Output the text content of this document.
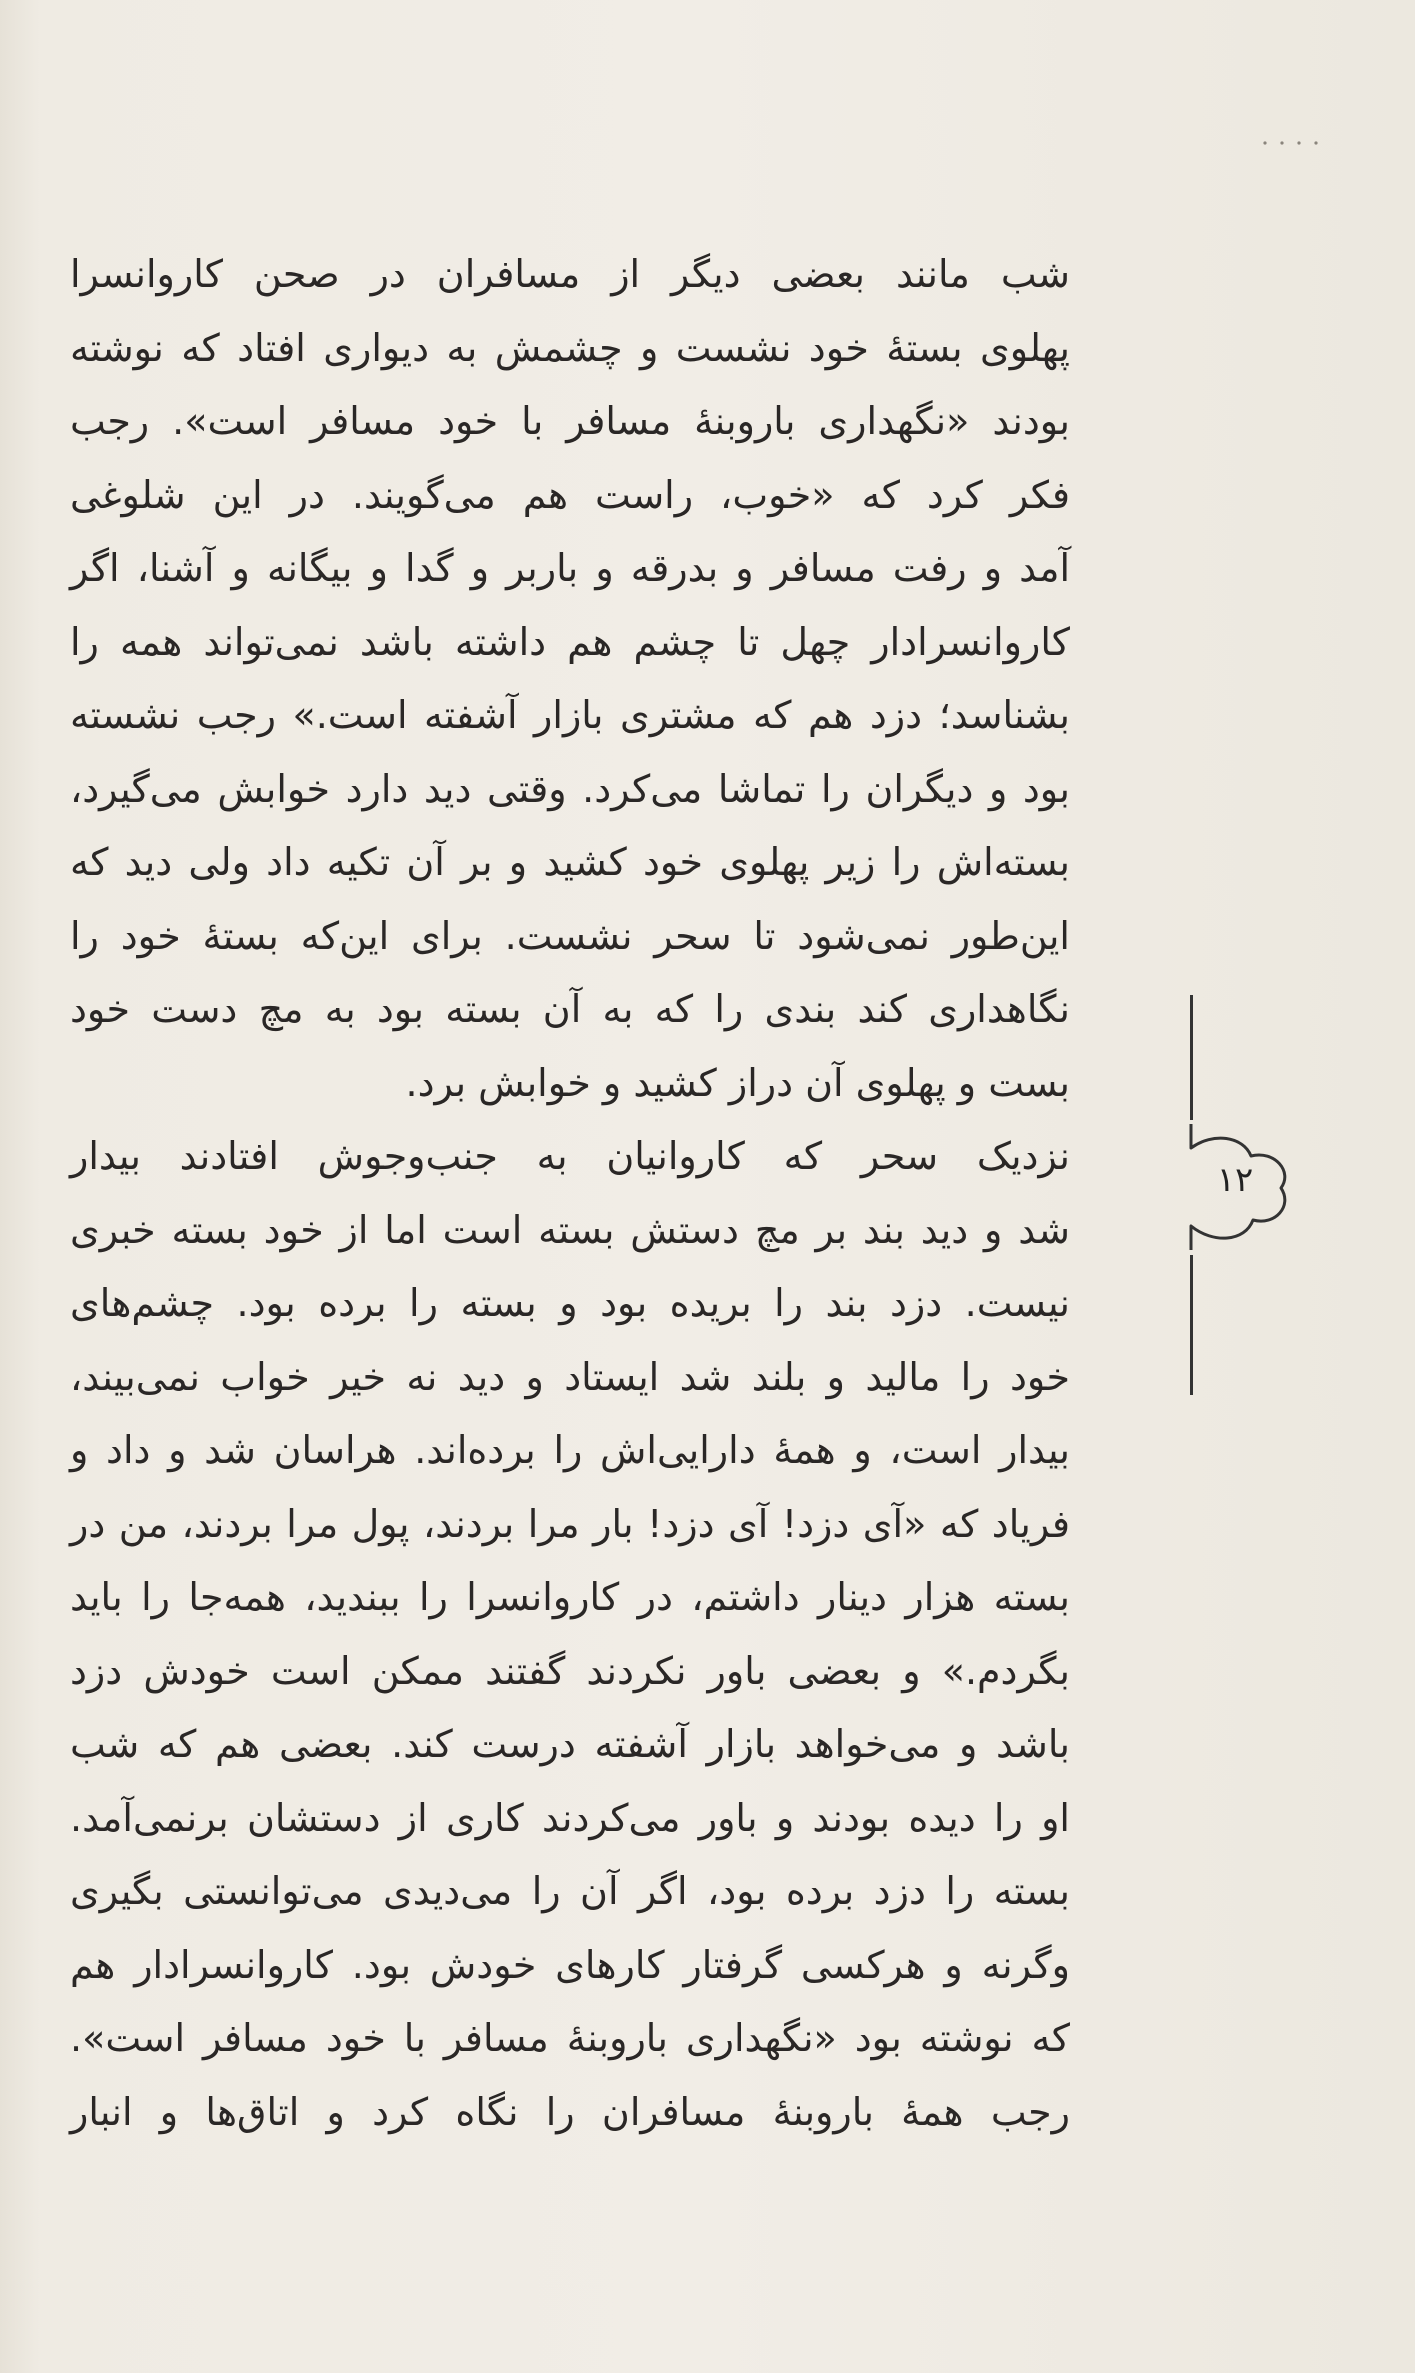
شب مانند بعضی دیگر از مسافران در صحن کاروانسرا
پهلوی بستهٔ خود نشست و چشمش به دیواری افتاد که نوشته
بودند «نگهداری باروبنهٔ مسافر با خود مسافر است». رجب
فکر کرد که «خوب، راست هم می‌گویند. در این شلوغی
آمد و رفت مسافر و بدرقه و باربر و گدا و بیگانه و آشنا، اگر
کاروانسرادار چهل تا چشم هم داشته باشد نمی‌تواند همه را
بشناسد؛ دزد هم که مشتری بازار آشفته است.» رجب نشسته
بود و دیگران را تماشا می‌کرد. وقتی دید دارد خوابش می‌گیرد،
بسته‌اش را زیر پهلوی خود کشید و بر آن تکیه داد ولی دید که
این‌طور نمی‌شود تا سحر نشست. برای این‌که بستهٔ خود را
نگاهداری کند بندی را که به آن بسته بود به مچ دست خود
بست و پهلوی آن دراز کشید و خوابش برد.
نزدیک سحر که کاروانیان به جنب‌وجوش افتادند بیدار
شد و دید بند بر مچ دستش بسته است اما از خود بسته خبری
نیست. دزد بند را بریده بود و بسته را برده بود. چشم‌های
خود را مالید و بلند شد ایستاد و دید نه خیر خواب نمی‌بیند،
بیدار است، و همهٔ دارایی‌اش را برده‌اند. هراسان شد و داد و
فریاد که «آی دزد! آی دزد! بار مرا بردند، پول مرا بردند، من در
بسته هزار دینار داشتم، در کاروانسرا را ببندید، همه‌جا را باید
بگردم.» و بعضی باور نکردند گفتند ممکن است خودش دزد
باشد و می‌خواهد بازار آشفته درست کند. بعضی هم که شب
او را دیده بودند و باور می‌کردند کاری از دستشان برنمی‌آمد.
بسته را دزد برده بود، اگر آن را می‌دیدی می‌توانستی بگیری
وگرنه و هرکسی گرفتار کارهای خودش بود. کاروانسرادار هم
که نوشته بود «نگهداری باروبنهٔ مسافر با خود مسافر است».
رجب همهٔ باروبنهٔ مسافران را نگاه کرد و اتاق‌ها و انبار
۱۲
